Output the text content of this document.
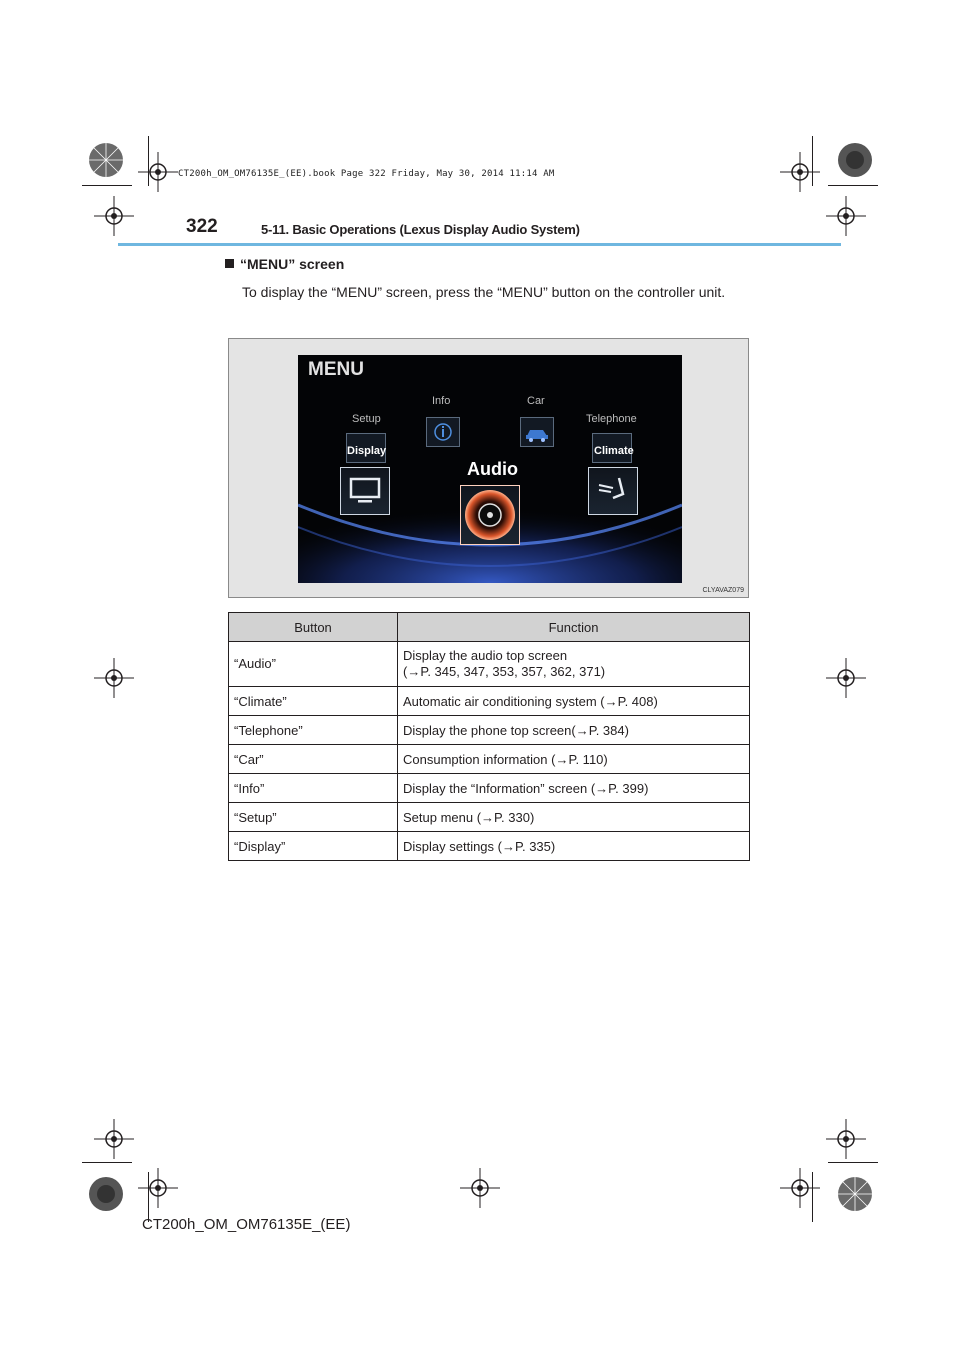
CT200h_OM_OM76135E_(EE).book Page 322 Friday, May 30, 2014 11:14 AM
322	5-11. Basic Operations (Lexus Display Audio System)
“MENU” screen
To display the “MENU” screen, press the “MENU” button on the controller unit.
MENU
Info	Car
Setup	Telephone
Display	Climate
Audio
CLYAVAZ079
Button	Function
“Audio”	Display the audio top screen
(→P. 345, 347, 353, 357, 362, 371)

“Climate”	Automatic air conditioning system (→P. 408)
“Telephone”	Display the phone top screen(→P. 384)
“Car”	Consumption information (→P. 110)
“Info”	Display the “Information” screen (→P. 399)
“Setup”	Setup menu (→P. 330)
“Display”	Display settings (→P. 335)
CT200h_OM_OM76135E_(EE)
